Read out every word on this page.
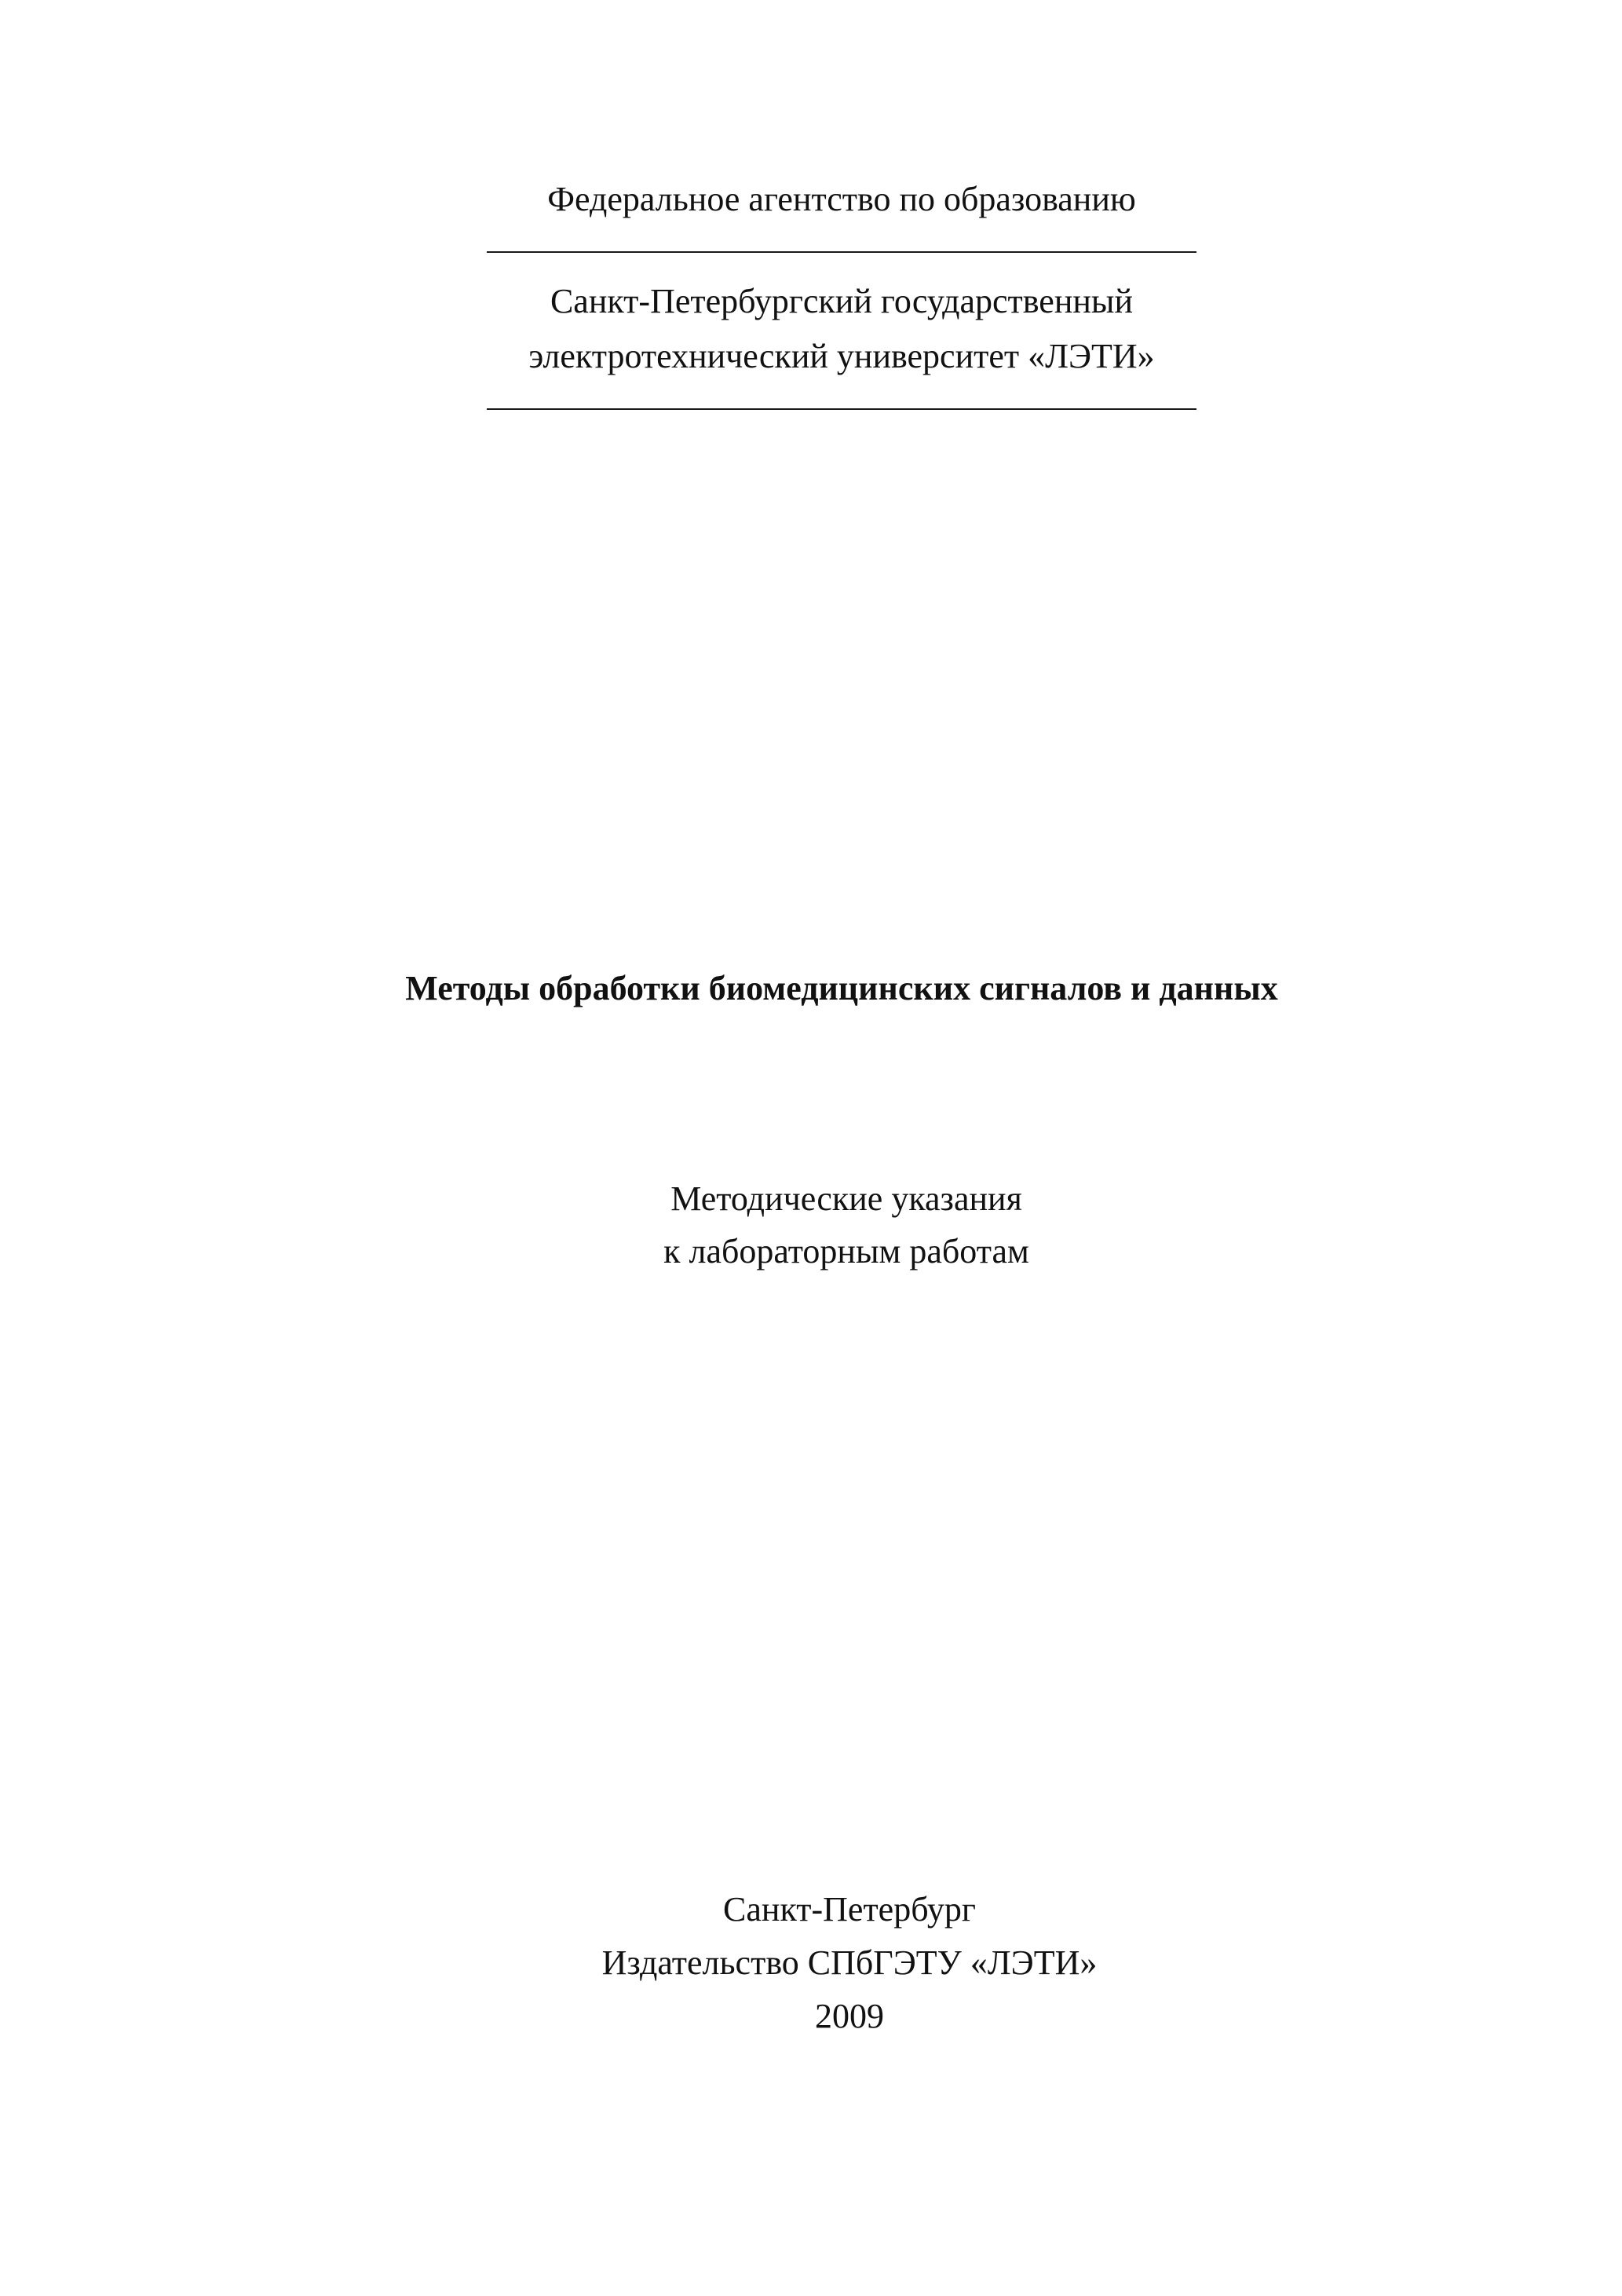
Федеральное агентство по образованию
Санкт-Петербургский государственный
электротехнический университет «ЛЭТИ»
Методы обработки биомедицинских сигналов и данных
Методические указания
к лабораторным работам
Санкт-Петербург
Издательство СПбГЭТУ «ЛЭТИ»
2009
